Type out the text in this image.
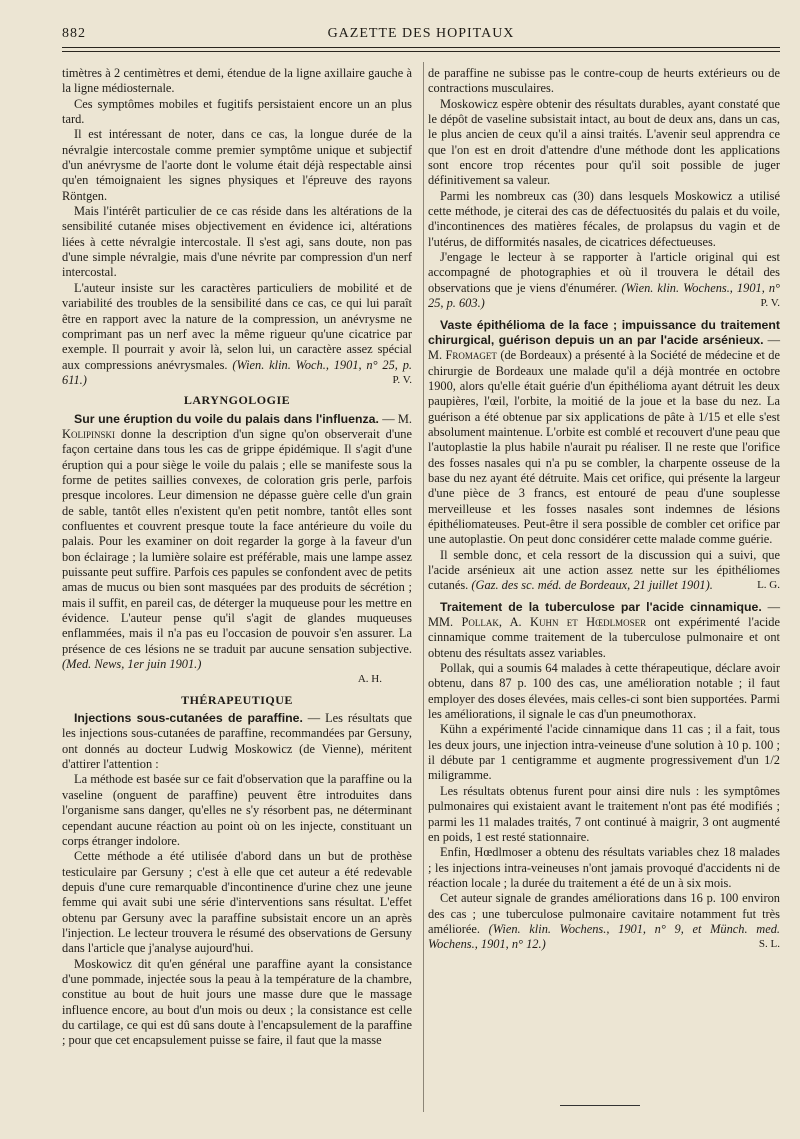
882	GAZETTE DES HOPITAUX

timètres à 2 centimètres et demi, étendue de la ligne axillaire gauche à la ligne médiosternale.

Ces symptômes mobiles et fugitifs persistaient encore un an plus tard.

Il est intéressant de noter, dans ce cas, la longue durée de la névralgie intercostale comme premier symptôme unique et subjectif d'un anévrysme de l'aorte dont le volume était déjà respectable ainsi qu'en témoignaient les signes physiques et l'épreuve des rayons Röntgen.

Mais l'intérêt particulier de ce cas réside dans les altérations de la sensibilité cutanée mises objectivement en évidence ici, altérations liées à cette névralgie intercostale. Il s'est agi, sans doute, non pas d'une simple névralgie, mais d'une névrite par compression d'un nerf intercostal.

L'auteur insiste sur les caractères particuliers de mobilité et de variabilité des troubles de la sensibilité dans ce cas, ce qui lui paraît être en rapport avec la nature de la compression, un anévrysme ne comprimant pas un nerf avec la même rigueur qu'une cicatrice par exemple. Il pourrait y avoir là, selon lui, un caractère assez spécial aux compressions anévrysmales. (Wien. klin. Woch., 1901, n° 25, p. 611.)	P. V.

LARYNGOLOGIE

Sur une éruption du voile du palais dans l'influenza. — M. Kolipinski donne la description d'un signe qu'on observerait d'une façon certaine dans tous les cas de grippe épidémique. Il s'agit d'une éruption qui a pour siège le voile du palais ; elle se manifeste sous la forme de petites saillies convexes, de coloration gris perle, parfois presque incolores. Leur dimension ne dépasse guère celle d'un grain de sable, tantôt elles n'existent qu'en petit nombre, tantôt elles sont confluentes et couvrent presque toute la face antérieure du voile du palais. Pour les examiner on doit regarder la gorge à la faveur d'un bon éclairage ; la lumière solaire est préférable, mais une lampe assez puissante peut suffire. Parfois ces papules se confondent avec de petits amas de mucus ou bien sont masquées par des produits de sécrétion ; mais il suffit, en pareil cas, de déterger la muqueuse pour les mettre en évidence. L'auteur pense qu'il s'agit de glandes muqueuses enflammées, mais il n'a pas eu l'occasion de pouvoir s'en assurer. La présence de ces lésions ne se traduit par aucune sensation subjective. (Med. News, 1er juin 1901.)

A. H.
THÉRAPEUTIQUE

Injections sous-cutanées de paraffine. — Les résultats que les injections sous-cutanées de paraffine, recommandées par Gersuny, ont donnés au docteur Ludwig Moskowicz (de Vienne), méritent d'attirer l'attention :

La méthode est basée sur ce fait d'observation que la paraffine ou la vaseline (onguent de paraffine) peuvent être introduites dans l'organisme sans danger, qu'elles ne s'y résorbent pas, ne déterminant cependant aucune réaction au point où on les injecte, constituant un corps étranger indolore.

Cette méthode a été utilisée d'abord dans un but de prothèse testiculaire par Gersuny ; c'est à elle que cet auteur a été redevable depuis d'une cure remarquable d'incontinence d'urine chez une jeune femme qui avait subi une série d'interventions sans résultat. L'effet obtenu par Gersuny avec la paraffine subsistait encore un an après l'injection. Le lecteur trouvera le résumé des observations de Gersuny dans l'article que j'analyse aujourd'hui.

Moskowicz dit qu'en général une paraffine ayant la consistance d'une pommade, injectée sous la peau à la température de la chambre, constitue au bout de huit jours une masse dure que le massage influence encore, au bout d'un mois ou deux ; la consistance est celle du cartilage, ce qui est dû sans doute à l'encapsulement de la paraffine ; pour que cet encapsulement puisse se faire, il faut que la masse

de paraffine ne subisse pas le contre-coup de heurts extérieurs ou de contractions musculaires.

Moskowicz espère obtenir des résultats durables, ayant constaté que le dépôt de vaseline subsistait intact, au bout de deux ans, dans un cas, le plus ancien de ceux qu'il a ainsi traités. L'avenir seul apprendra ce que l'on est en droit d'attendre d'une méthode dont les applications sont encore trop récentes pour qu'il soit possible de juger définitivement sa valeur.

Parmi les nombreux cas (30) dans lesquels Moskowicz a utilisé cette méthode, je citerai des cas de défectuosités du palais et du voile, d'incontinences des matières fécales, de prolapsus du vagin et de l'utérus, de difformités nasales, de cicatrices défectueuses.

J'engage le lecteur à se rapporter à l'article original qui est accompagné de photographies et où il trouvera le détail des observations que je viens d'énumérer. (Wien. klin. Wochens., 1901, n° 25, p. 603.)	P. V.

Vaste épithélioma de la face ; impuissance du traitement chirurgical, guérison depuis un an par l'acide arsénieux. — M. Fromaget (de Bordeaux) a présenté à la Société de médecine et de chirurgie de Bordeaux une malade qu'il a déjà montrée en octobre 1900, alors qu'elle était guérie d'un épithélioma ayant détruit les deux paupières, l'œil, l'orbite, la moitié de la joue et la base du nez. La guérison a été obtenue par six applications de pâte à 1/15 et elle s'est absolument maintenue. L'orbite est comblé et recouvert d'une peau que l'autoplastie la plus habile n'aurait pu réaliser. Il ne reste que l'orifice des fosses nasales qui n'a pu se combler, la charpente osseuse de la base du nez ayant été détruite. Mais cet orifice, qui présente la largeur d'une pièce de 3 francs, est entouré de peau d'une souplesse merveilleuse et les fosses nasales sont indemnes de lésions épithéliomateuses. Peut-être il sera possible de combler cet orifice par une autoplastie. On peut donc considérer cette malade comme guérie.

Il semble donc, et cela ressort de la discussion qui a suivi, que l'acide arsénieux ait une action assez nette sur les épithéliomes cutanés. (Gaz. des sc. méd. de Bordeaux, 21 juillet 1901).	L. G.

Traitement de la tuberculose par l'acide cinnamique. — MM. Pollak, A. Kuhn et Hœdlmoser ont expérimenté l'acide cinnamique comme traitement de la tuberculose pulmonaire et ont obtenu des résultats assez variables.

Pollak, qui a soumis 64 malades à cette thérapeutique, déclare avoir obtenu, dans 87 p. 100 des cas, une amélioration notable ; il faut employer des doses élevées, mais celles-ci sont bien supportées. Parmi les améliorations, il signale le cas d'un pneumothorax.

Kühn a expérimenté l'acide cinnamique dans 11 cas ; il a fait, tous les deux jours, une injection intra-veineuse d'une solution à 10 p. 100 ; il débute par 1 centigramme et augmente progressivement d'un 1/2 miligramme.

Les résultats obtenus furent pour ainsi dire nuls : les symptômes pulmonaires qui existaient avant le traitement n'ont pas été modifiés ; parmi les 11 malades traités, 7 ont continué à maigrir, 3 ont augmenté en poids, 1 est resté stationnaire.

Enfin, Hœdlmoser a obtenu des résultats variables chez 18 malades ; les injections intra-veineuses n'ont jamais provoqué d'accidents ni de réaction locale ; la durée du traitement a été de un à six mois.

Cet auteur signale de grandes améliorations dans 16 p. 100 environ des cas ; une tuberculose pulmonaire cavitaire notamment fut très améliorée. (Wien. klin. Wochens., 1901, n° 9, et Münch. med. Wochens., 1901, n° 12.)	S. L.
